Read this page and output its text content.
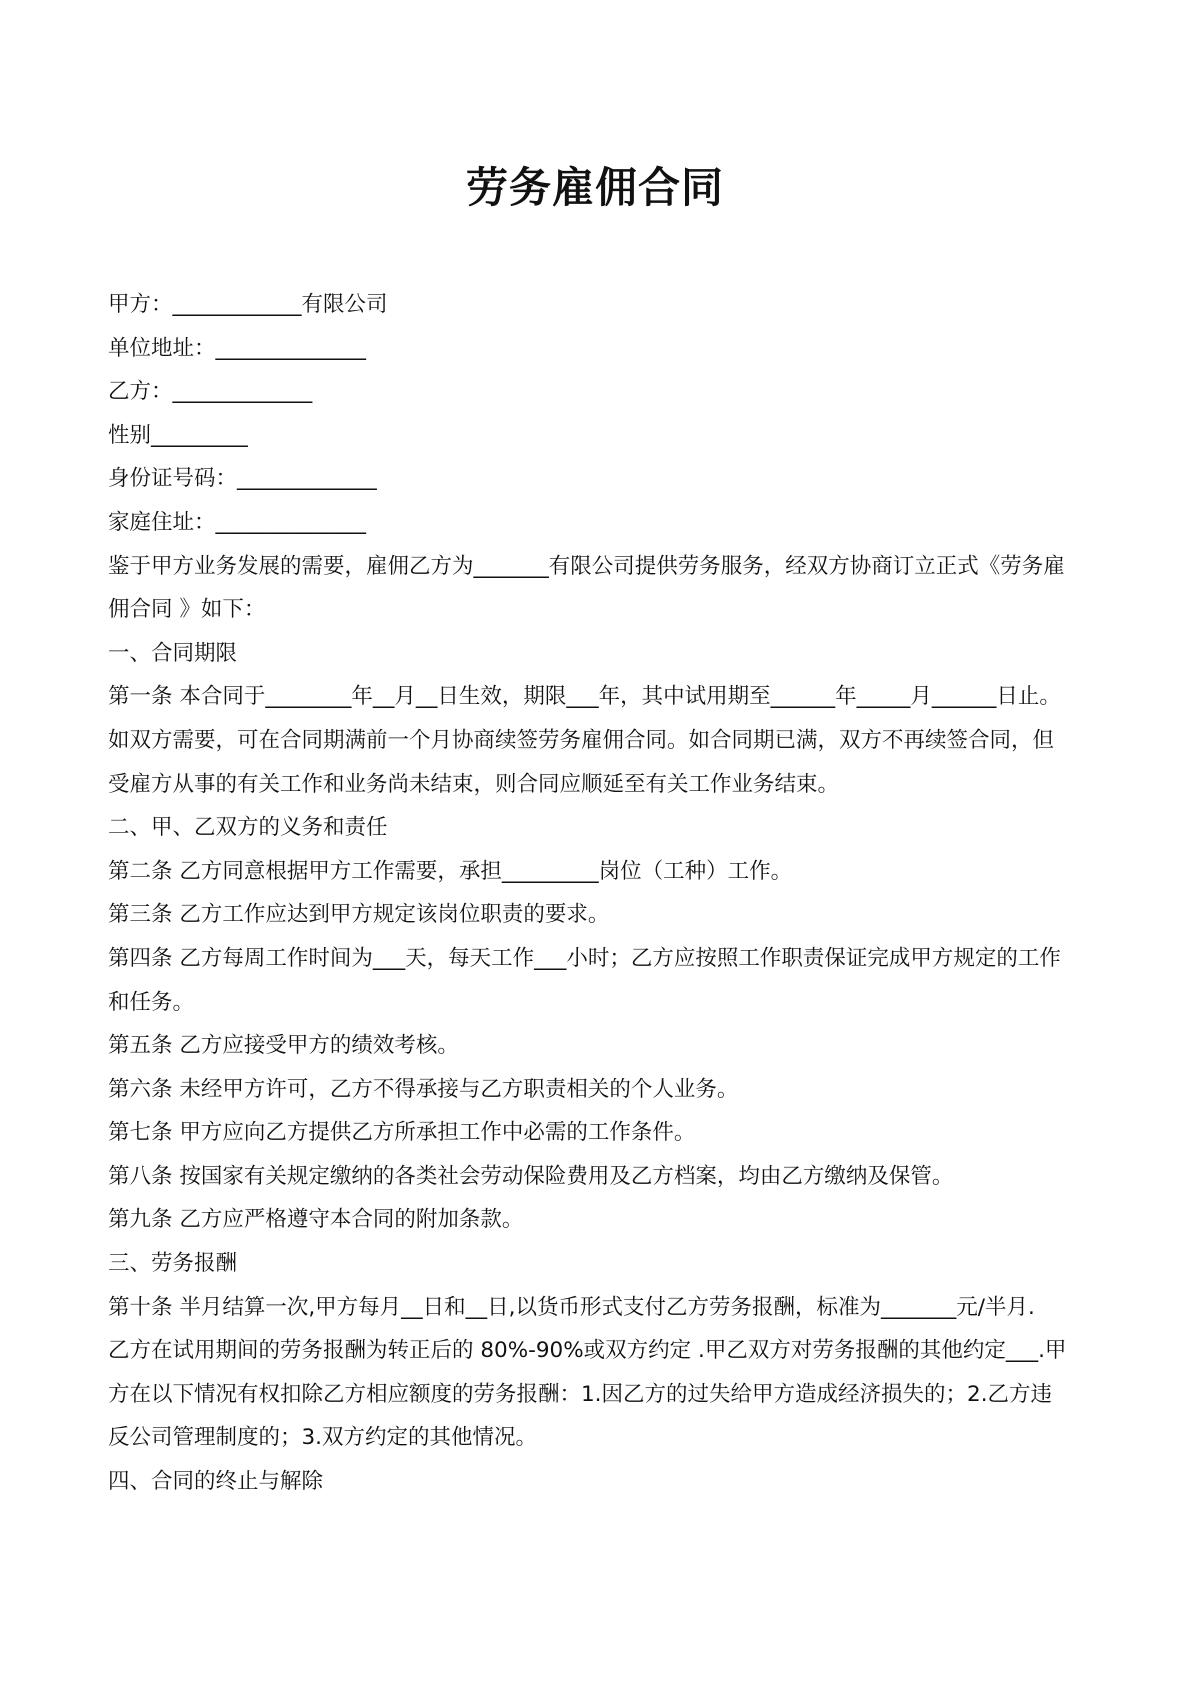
劳务雇佣合同
甲方：____________有限公司
单位地址：______________
乙方：_____________
性别_________
身份证号码：_____________
家庭住址：______________
鉴于甲方业务发展的需要，雇佣乙方为_______有限公司提供劳务服务，经双方协商订立正式《劳务雇
佣合同 》如下：
一、合同期限
第一条 本合同于________年__月__日生效，期限___年，其中试用期至______年_____月______日止。
如双方需要，可在合同期满前一个月协商续签劳务雇佣合同。如合同期已满，双方不再续签合同，但
受雇方从事的有关工作和业务尚未结束，则合同应顺延至有关工作业务结束。
二、甲、乙双方的义务和责任
第二条 乙方同意根据甲方工作需要，承担_________岗位（工种）工作。
第三条 乙方工作应达到甲方规定该岗位职责的要求。
第四条 乙方每周工作时间为___天，每天工作___小时；乙方应按照工作职责保证完成甲方规定的工作
和任务。
第五条 乙方应接受甲方的绩效考核。
第六条 未经甲方许可，乙方不得承接与乙方职责相关的个人业务。
第七条 甲方应向乙方提供乙方所承担工作中必需的工作条件。
第八条 按国家有关规定缴纳的各类社会劳动保险费用及乙方档案，均由乙方缴纳及保管。
第九条 乙方应严格遵守本合同的附加条款。
三、劳务报酬
第十条 半月结算一次,甲方每月__日和__日,以货币形式支付乙方劳务报酬，标准为_______元/半月.
乙方在试用期间的劳务报酬为转正后的 80%-90%或双方约定 .甲乙双方对劳务报酬的其他约定___.甲
方在以下情况有权扣除乙方相应额度的劳务报酬：1.因乙方的过失给甲方造成经济损失的；2.乙方违
反公司管理制度的；3.双方约定的其他情况。
四、合同的终止与解除
